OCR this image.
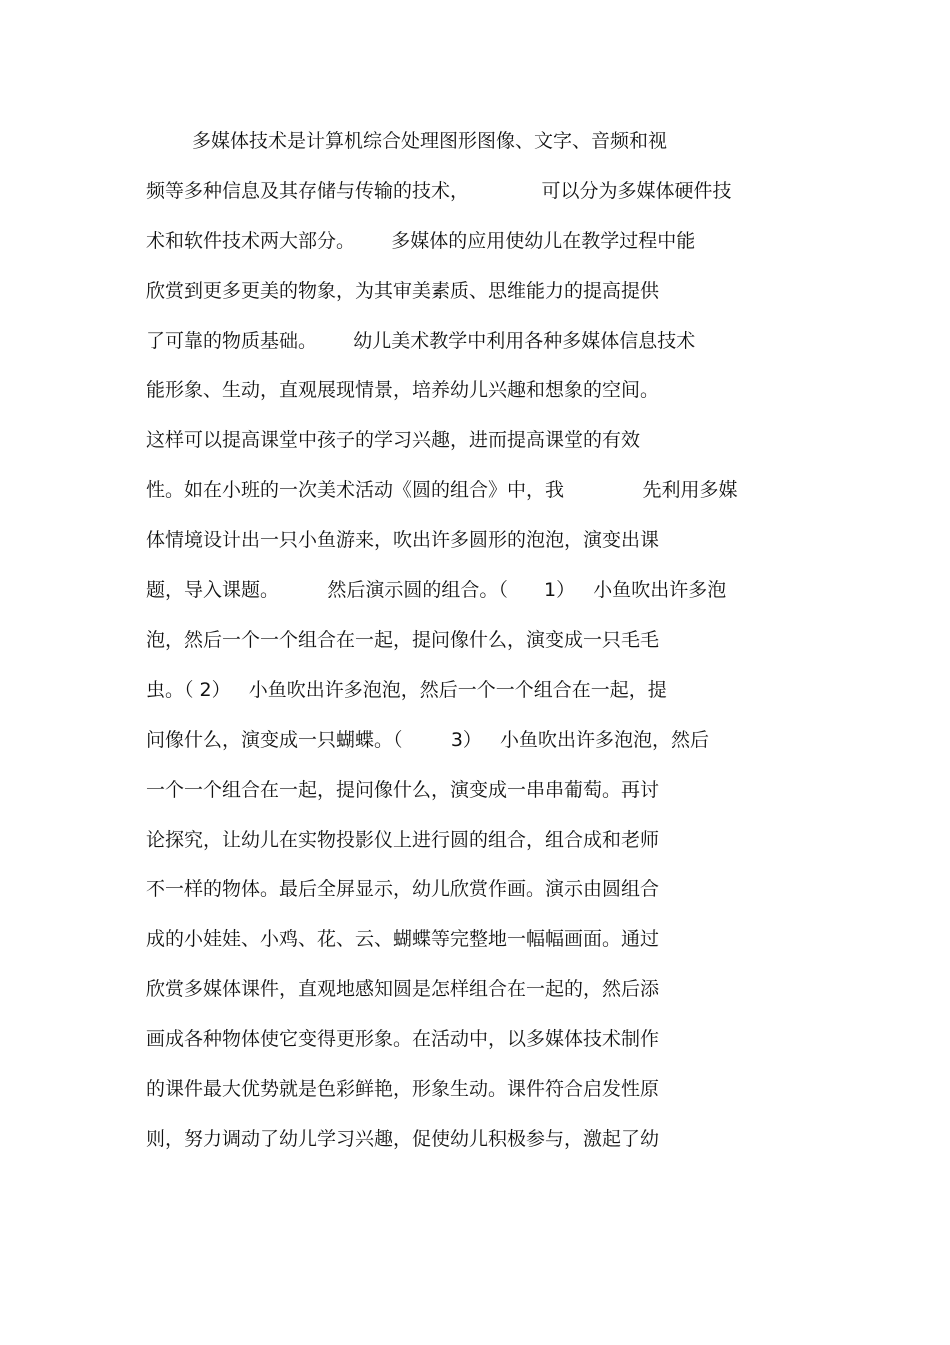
多媒体技术是计算机综合处理图形图像、文字、音频和视
频等多种信息及其存储与传输的技术，            可以分为多媒体硬件技
术和软件技术两大部分。      多媒体的应用使幼儿在教学过程中能
欣赏到更多更美的物象，为其审美素质、思维能力的提高提供
了可靠的物质基础。      幼儿美术教学中利用各种多媒体信息技术
能形象、生动，直观展现情景，培养幼儿兴趣和想象的空间。
这样可以提高课堂中孩子的学习兴趣，进而提高课堂的有效
性。如在小班的一次美术活动《圆的组合》中，我             先利用多媒
体情境设计出一只小鱼游来，吹出许多圆形的泡泡，演变出课
题，导入课题。        然后演示圆的组合。（      1）   小鱼吹出许多泡
泡，然后一个一个组合在一起，提问像什么，演变成一只毛毛
虫。（ 2）   小鱼吹出许多泡泡，然后一个一个组合在一起，提
问像什么，演变成一只蝴蝶。（        3）   小鱼吹出许多泡泡，然后
一个一个组合在一起，提问像什么，演变成一串串葡萄。再讨
论探究，让幼儿在实物投影仪上进行圆的组合，组合成和老师
不一样的物体。最后全屏显示，幼儿欣赏作画。演示由圆组合
成的小娃娃、小鸡、花、云、蝴蝶等完整地一幅幅画面。通过
欣赏多媒体课件，直观地感知圆是怎样组合在一起的，然后添
画成各种物体使它变得更形象。在活动中，以多媒体技术制作
的课件最大优势就是色彩鲜艳，形象生动。课件符合启发性原
则，努力调动了幼儿学习兴趣，促使幼儿积极参与，激起了幼
